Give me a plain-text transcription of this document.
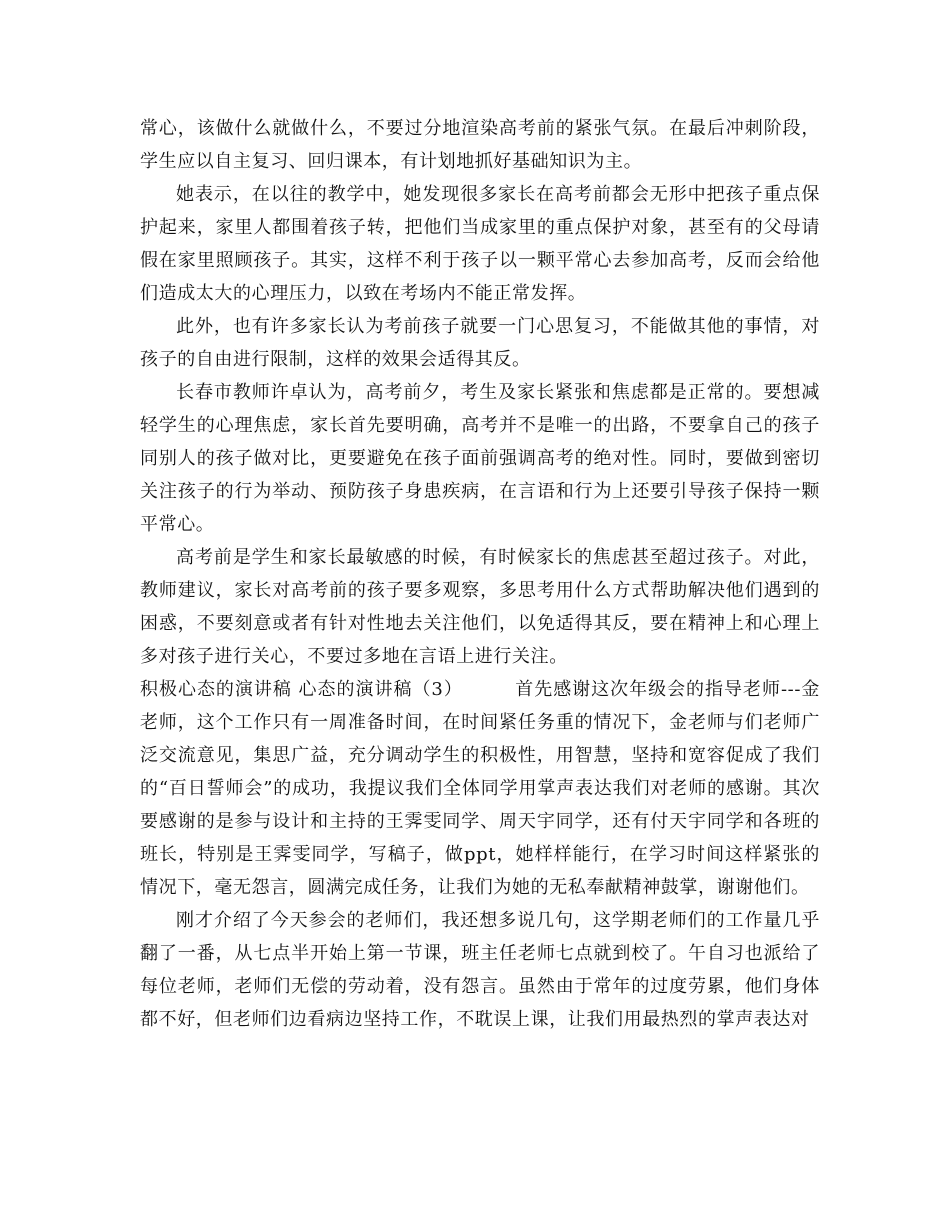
常心，该做什么就做什么，不要过分地渲染高考前的紧张气氛。在最后冲刺阶段，学生应以自主复习、回归课本，有计划地抓好基础知识为主。

她表示，在以往的教学中，她发现很多家长在高考前都会无形中把孩子重点保护起来，家里人都围着孩子转，把他们当成家里的重点保护对象，甚至有的父母请假在家里照顾孩子。其实，这样不利于孩子以一颗平常心去参加高考，反而会给他们造成太大的心理压力，以致在考场内不能正常发挥。

此外，也有许多家长认为考前孩子就要一门心思复习，不能做其他的事情，对孩子的自由进行限制，这样的效果会适得其反。

长春市教师许卓认为，高考前夕，考生及家长紧张和焦虑都是正常的。要想减轻学生的心理焦虑，家长首先要明确，高考并不是唯一的出路，不要拿自己的孩子同别人的孩子做对比，更要避免在孩子面前强调高考的绝对性。同时，要做到密切关注孩子的行为举动、预防孩子身患疾病，在言语和行为上还要引导孩子保持一颗平常心。

高考前是学生和家长最敏感的时候，有时候家长的焦虑甚至超过孩子。对此，教师建议，家长对高考前的孩子要多观察，多思考用什么方式帮助解决他们遇到的困惑，不要刻意或者有针对性地去关注他们，以免适得其反，要在精神上和心理上多对孩子进行关心，不要过多地在言语上进行关注。

积极心态的演讲稿 心态的演讲稿（3）	首先感谢这次年级会的指导老师---金老师，这个工作只有一周准备时间，在时间紧任务重的情况下，金老师与们老师广泛交流意见，集思广益，充分调动学生的积极性，用智慧，坚持和宽容促成了我们的“百日誓师会”的成功，我提议我们全体同学用掌声表达我们对老师的感谢。其次要感谢的是参与设计和主持的王霁雯同学、周天宇同学，还有付天宇同学和各班的班长，特别是王霁雯同学，写稿子，做ppt，她样样能行，在学习时间这样紧张的情况下，毫无怨言，圆满完成任务，让我们为她的无私奉献精神鼓掌，谢谢他们。

刚才介绍了今天参会的老师们，我还想多说几句，这学期老师们的工作量几乎翻了一番，从七点半开始上第一节课，班主任老师七点就到校了。午自习也派给了每位老师，老师们无偿的劳动着，没有怨言。虽然由于常年的过度劳累，他们身体都不好，但老师们边看病边坚持工作，不耽误上课，让我们用最热烈的掌声表达对
